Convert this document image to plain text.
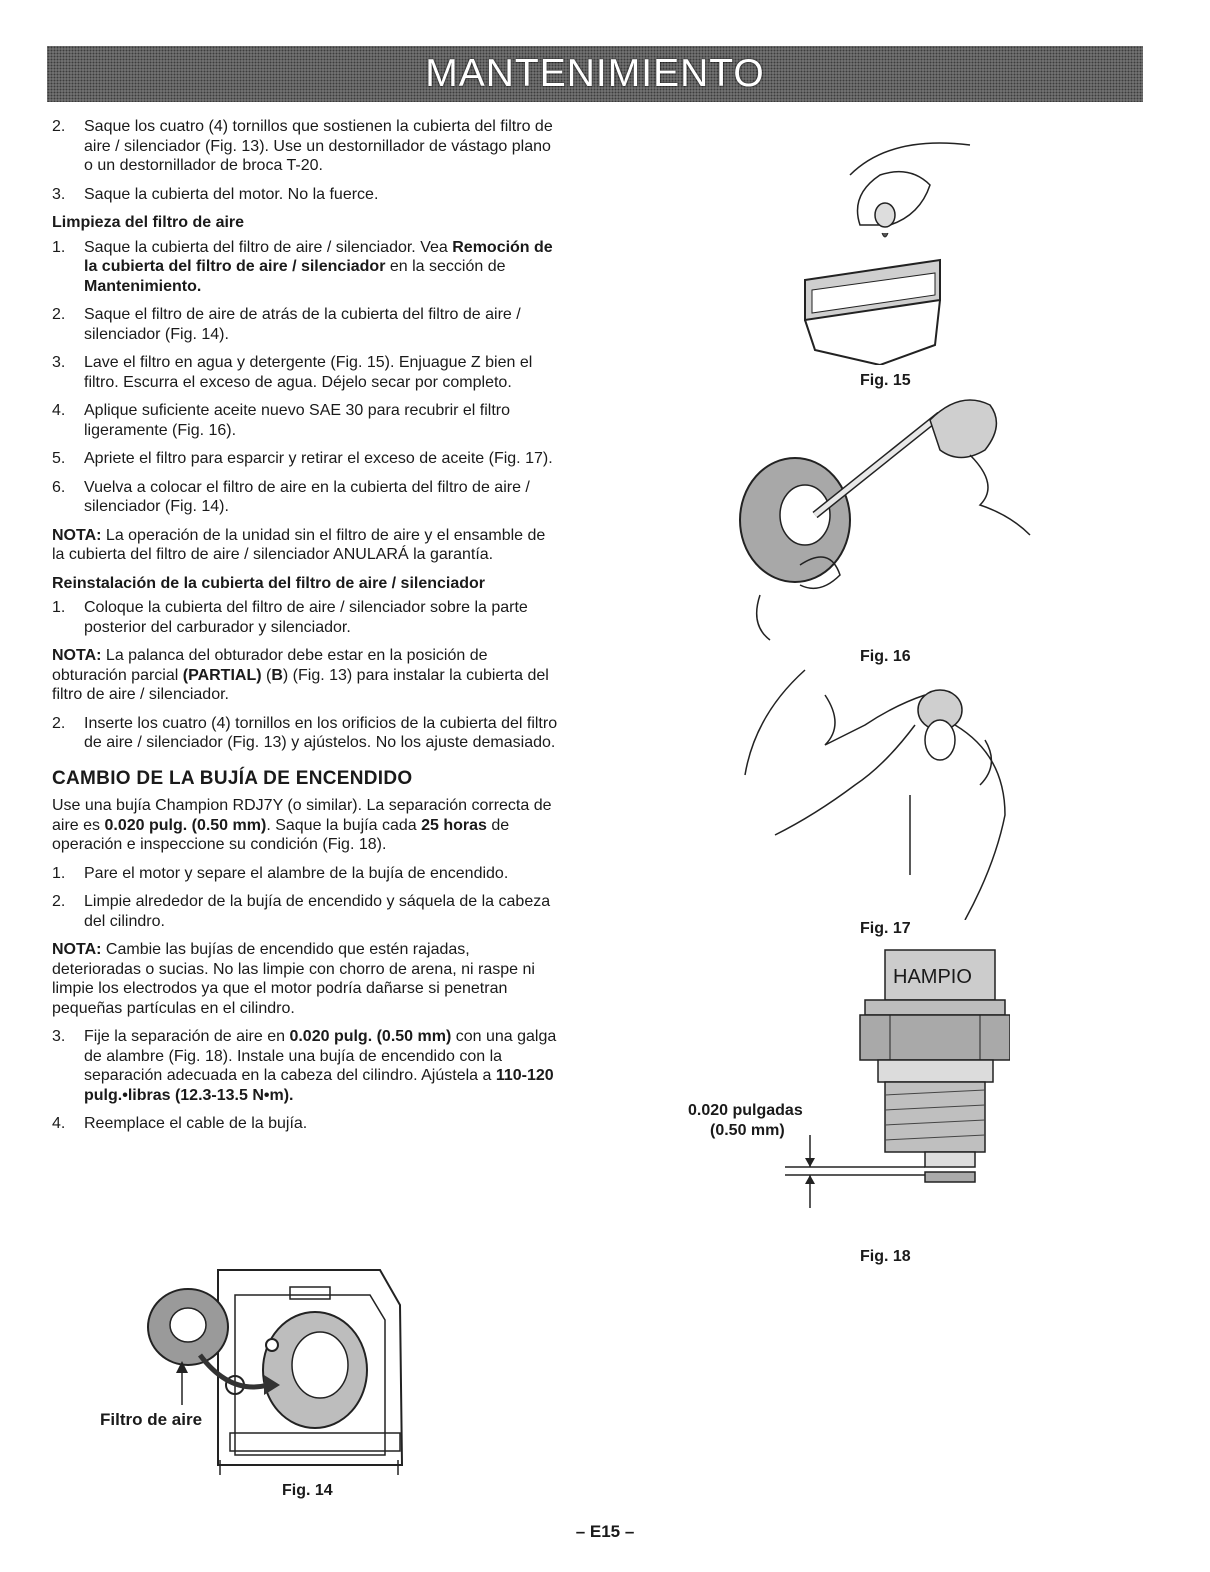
MANTENIMIENTO
2.	Saque los cuatro (4) tornillos que sostienen la cubierta del filtro de aire / silenciador (Fig. 13). Use un destornillador de vástago plano o un destornillador de broca T-20.
3.	Saque la cubierta del motor. No la fuerce.
Limpieza del filtro de aire
1.	Saque la cubierta del filtro de aire / silenciador. Vea Remoción de la cubierta del filtro de aire / silenciador en la sección de Mantenimiento.
2.	Saque el filtro de aire de atrás de la cubierta del filtro de aire / silenciador (Fig. 14).
3.	Lave el filtro en agua y detergente (Fig. 15). Enjuague Z bien el filtro. Escurra el exceso de agua. Déjelo secar por completo.
4.	Aplique suficiente aceite nuevo SAE 30 para recubrir el filtro ligeramente (Fig. 16).
5.	Apriete el filtro para esparcir y retirar el exceso de aceite (Fig. 17).
6.	Vuelva a colocar el filtro de aire en la cubierta del filtro de aire / silenciador (Fig. 14).
NOTA: La operación de la unidad sin el filtro de aire y el ensamble de la cubierta del filtro de aire / silenciador ANULARÁ la garantía.
Reinstalación de la cubierta del filtro de aire / silenciador
1.	Coloque la cubierta del filtro de aire / silenciador sobre la parte posterior del carburador y silenciador.
NOTA: La palanca del obturador debe estar en la posición de obturación parcial (PARTIAL) (B) (Fig. 13) para instalar la cubierta del filtro de aire / silenciador.
2.	Inserte los cuatro (4) tornillos en los orificios de la cubierta del filtro de aire / silenciador (Fig. 13) y ajústelos. No los ajuste demasiado.
CAMBIO DE LA BUJÍA DE ENCENDIDO
Use una bujía Champion RDJ7Y (o similar). La separación correcta de aire es 0.020 pulg. (0.50 mm). Saque la bujía cada 25 horas de operación e inspeccione su condición (Fig. 18).
1.	Pare el motor y separe el alambre de la bujía de encendido.
2.	Limpie alrededor de la bujía de encendido y sáquela de la cabeza del cilindro.
NOTA: Cambie las bujías de encendido que estén rajadas, deterioradas o sucias. No las limpie con chorro de arena, ni raspe ni limpie los electrodos ya que el motor podría dañarse si penetran pequeñas partículas en el cilindro.
3.	Fije la separación de aire en 0.020 pulg. (0.50 mm) con una galga de alambre (Fig. 18). Instale una bujía de encendido con la separación adecuada en la cabeza del cilindro. Ajústela a 110-120 pulg.•libras (12.3-13.5 N•m).
4.	Reemplace el cable de la bujía.
Filtro de aire
Fig. 14
Fig. 15
Fig. 16
Fig. 17
HAMPIO
0.020 pulgadas
(0.50 mm)
Fig. 18
– E15 –
